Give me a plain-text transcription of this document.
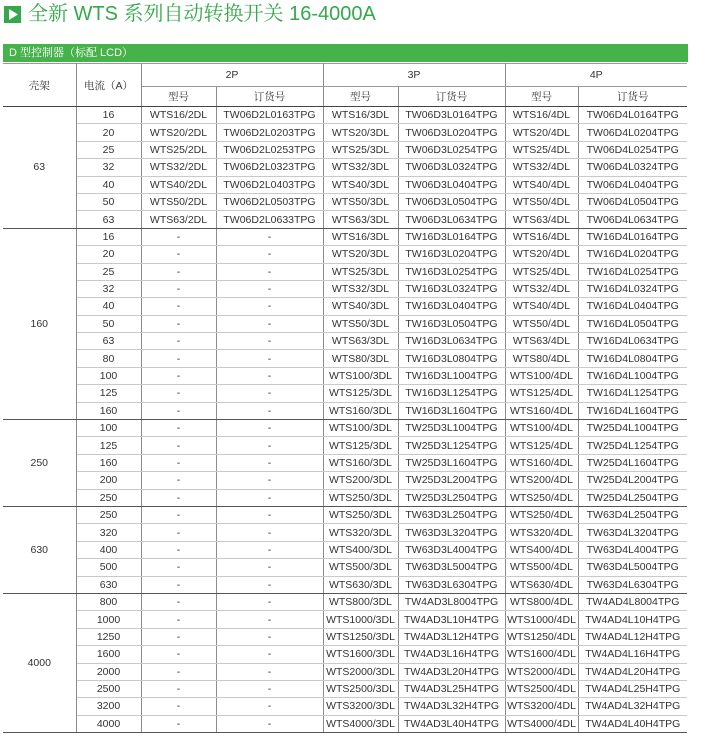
全新 WTS 系列自动转换开关 16-4000A
D 型控制器（标配 LCD）
壳架	电流（A）	2P		3P		4P	
		型号	订货号	型号	订货号	型号	订货号
63	16	WTS16/2DL	TW06D2L0163TPG	WTS16/3DL	TW06D3L0164TPG	WTS16/4DL	TW06D4L0164TPG
	20	WTS20/2DL	TW06D2L0203TPG	WTS20/3DL	TW06D3L0204TPG	WTS20/4DL	TW06D4L0204TPG
	25	WTS25/2DL	TW06D2L0253TPG	WTS25/3DL	TW06D3L0254TPG	WTS25/4DL	TW06D4L0254TPG
	32	WTS32/2DL	TW06D2L0323TPG	WTS32/3DL	TW06D3L0324TPG	WTS32/4DL	TW06D4L0324TPG
	40	WTS40/2DL	TW06D2L0403TPG	WTS40/3DL	TW06D3L0404TPG	WTS40/4DL	TW06D4L0404TPG
	50	WTS50/2DL	TW06D2L0503TPG	WTS50/3DL	TW06D3L0504TPG	WTS50/4DL	TW06D4L0504TPG
	63	WTS63/2DL	TW06D2L0633TPG	WTS63/3DL	TW06D3L0634TPG	WTS63/4DL	TW06D4L0634TPG
160	16	-	-	WTS16/3DL	TW16D3L0164TPG	WTS16/4DL	TW16D4L0164TPG
	20	-	-	WTS20/3DL	TW16D3L0204TPG	WTS20/4DL	TW16D4L0204TPG
	25	-	-	WTS25/3DL	TW16D3L0254TPG	WTS25/4DL	TW16D4L0254TPG
	32	-	-	WTS32/3DL	TW16D3L0324TPG	WTS32/4DL	TW16D4L0324TPG
	40	-	-	WTS40/3DL	TW16D3L0404TPG	WTS40/4DL	TW16D4L0404TPG
	50	-	-	WTS50/3DL	TW16D3L0504TPG	WTS50/4DL	TW16D4L0504TPG
	63	-	-	WTS63/3DL	TW16D3L0634TPG	WTS63/4DL	TW16D4L0634TPG
	80	-	-	WTS80/3DL	TW16D3L0804TPG	WTS80/4DL	TW16D4L0804TPG
	100	-	-	WTS100/3DL	TW16D3L1004TPG	WTS100/4DL	TW16D4L1004TPG
	125	-	-	WTS125/3DL	TW16D3L1254TPG	WTS125/4DL	TW16D4L1254TPG
	160	-	-	WTS160/3DL	TW16D3L1604TPG	WTS160/4DL	TW16D4L1604TPG
250	100	-	-	WTS100/3DL	TW25D3L1004TPG	WTS100/4DL	TW25D4L1004TPG
	125	-	-	WTS125/3DL	TW25D3L1254TPG	WTS125/4DL	TW25D4L1254TPG
	160	-	-	WTS160/3DL	TW25D3L1604TPG	WTS160/4DL	TW25D4L1604TPG
	200	-	-	WTS200/3DL	TW25D3L2004TPG	WTS200/4DL	TW25D4L2004TPG
	250	-	-	WTS250/3DL	TW25D3L2504TPG	WTS250/4DL	TW25D4L2504TPG
630	250	-	-	WTS250/3DL	TW63D3L2504TPG	WTS250/4DL	TW63D4L2504TPG
	320	-	-	WTS320/3DL	TW63D3L3204TPG	WTS320/4DL	TW63D4L3204TPG
	400	-	-	WTS400/3DL	TW63D3L4004TPG	WTS400/4DL	TW63D4L4004TPG
	500	-	-	WTS500/3DL	TW63D3L5004TPG	WTS500/4DL	TW63D4L5004TPG
	630	-	-	WTS630/3DL	TW63D3L6304TPG	WTS630/4DL	TW63D4L6304TPG
4000	800	-	-	WTS800/3DL	TW4AD3L8004TPG	WTS800/4DL	TW4AD4L8004TPG
	1000	-	-	WTS1000/3DL	TW4AD3L10H4TPG	WTS1000/4DL	TW4AD4L10H4TPG
	1250	-	-	WTS1250/3DL	TW4AD3L12H4TPG	WTS1250/4DL	TW4AD4L12H4TPG
	1600	-	-	WTS1600/3DL	TW4AD3L16H4TPG	WTS1600/4DL	TW4AD4L16H4TPG
	2000	-	-	WTS2000/3DL	TW4AD3L20H4TPG	WTS2000/4DL	TW4AD4L20H4TPG
	2500	-	-	WTS2500/3DL	TW4AD3L25H4TPG	WTS2500/4DL	TW4AD4L25H4TPG
	3200	-	-	WTS3200/3DL	TW4AD3L32H4TPG	WTS3200/4DL	TW4AD4L32H4TPG
	4000	-	-	WTS4000/3DL	TW4AD3L40H4TPG	WTS4000/4DL	TW4AD4L40H4TPG
